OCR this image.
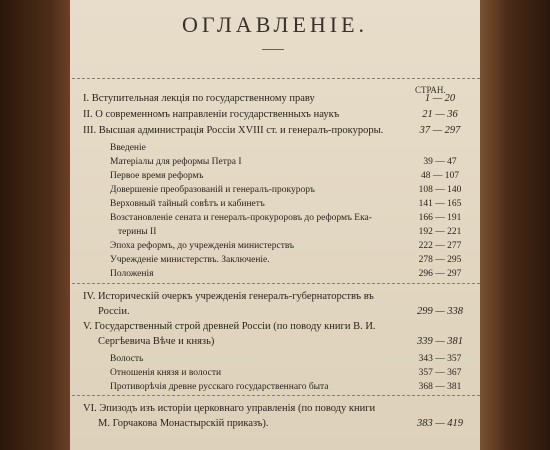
ОГЛАВЛЕНІЕ.
СТРАН.
I. Вступительная лекція по государственному праву	1 — 20
II. О современномъ направленіи государственныхъ наукъ	21 — 36
III. Высшая администрація Россіи XVIII ст. и генералъ-прокуроры.	37 — 297
Введеніе
Матеріалы для реформы Петра I	39 — 47
Первое время реформъ	48 — 107
Довершеніе преобразованій и генералъ-прокуроръ	108 — 140
Верховный тайный совѣтъ и кабинетъ	141 — 165
Возстановленіе сената и генералъ-прокуроровъ до реформъ Ека-	166 — 191
терины II	192 — 221
Эпоха реформъ, до учрежденія министерствъ	222 — 277
Учрежденіе министерствъ. Заключеніе.	278 — 295
Положенія	296 — 297
IV. Историческій очеркъ учрежденія генералъ-губернаторствъ въ
Россіи.	299 — 338
V. Государственный строй древней Россіи (по поводу книги В. И.
Сергѣевича Вѣче и князь)	339 — 381
Волость	343 — 357
Отношенія князя и волости	357 — 367
Противорѣчія древне русскаго государственнаго быта	368 — 381
VI. Эпизодъ изъ исторіи церковнаго управленія (по поводу книги
М. Горчакова Монастырскій приказъ).	383 — 419
